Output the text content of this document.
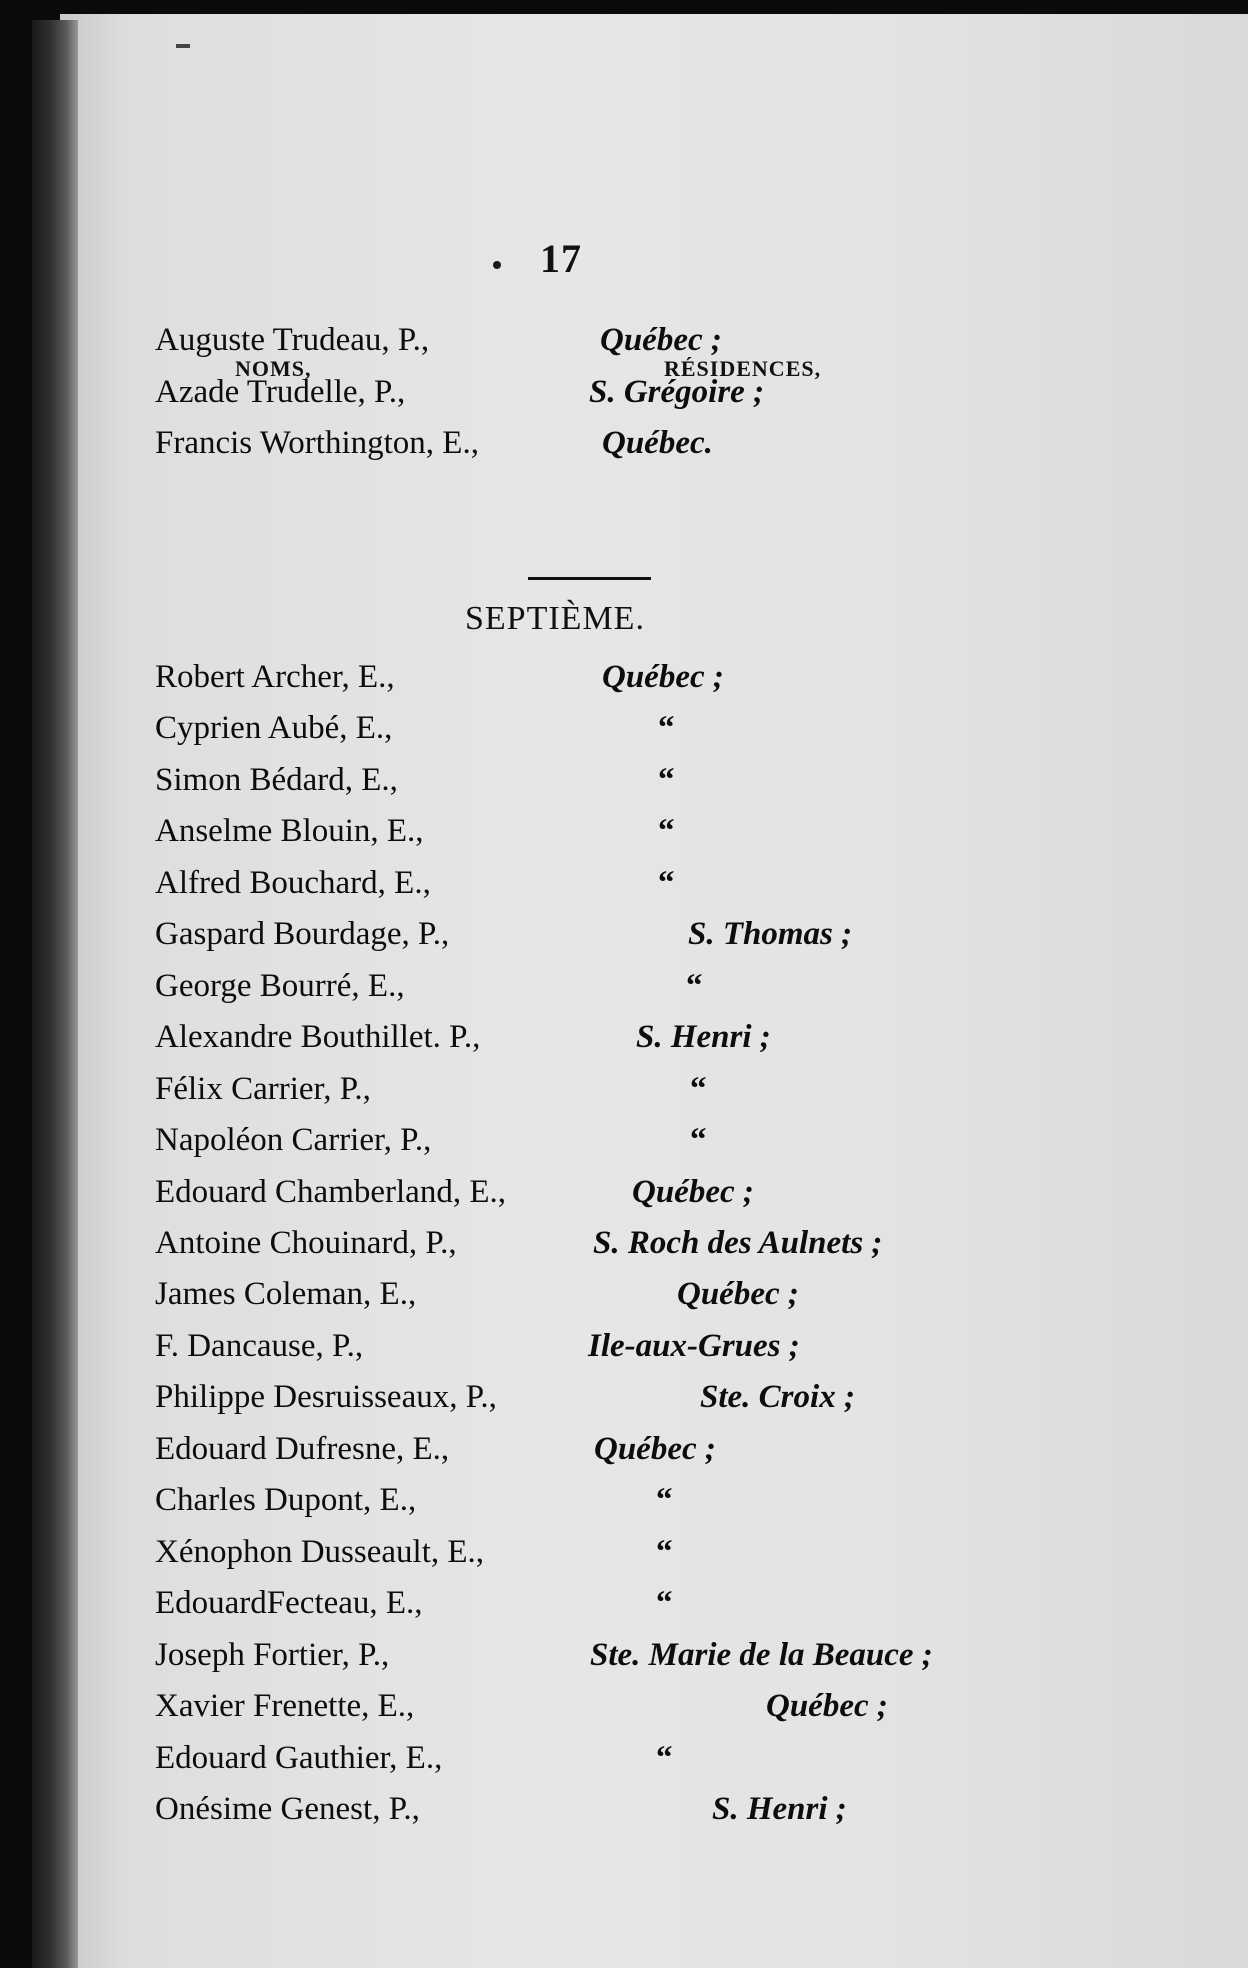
17
NOMS,	RÉSIDENCES,
Auguste Trudeau, P.,	Québec ;
Azade Trudelle, P.,	S. Grégoire ;
Francis Worthington, E.,	Québec.
SEPTIÈME.
Robert Archer, E.,	Québec ;
Cyprien Aubé, E.,	“
Simon Bédard, E.,	“
Anselme Blouin, E.,	“
Alfred Bouchard, E.,	“
Gaspard Bourdage, P.,	S. Thomas ;
George Bourré, E.,	“
Alexandre Bouthillet. P.,	S. Henri ;
Félix Carrier, P.,	“
Napoléon Carrier, P.,	“
Edouard Chamberland, E.,	Québec ;
Antoine Chouinard, P.,	S. Roch des Aulnets ;
James Coleman, E.,	Québec ;
F. Dancause, P.,	Ile-aux-Grues ;
Philippe Desruisseaux, P.,	Ste. Croix ;
Edouard Dufresne, E.,	Québec ;
Charles Dupont, E.,	“
Xénophon Dusseault, E.,	“
EdouardFecteau, E.,	“
Joseph Fortier, P.,	Ste. Marie de la Beauce ;
Xavier Frenette, E.,	Québec ;
Edouard Gauthier, E.,	“
Onésime Genest, P.,	S. Henri ;
